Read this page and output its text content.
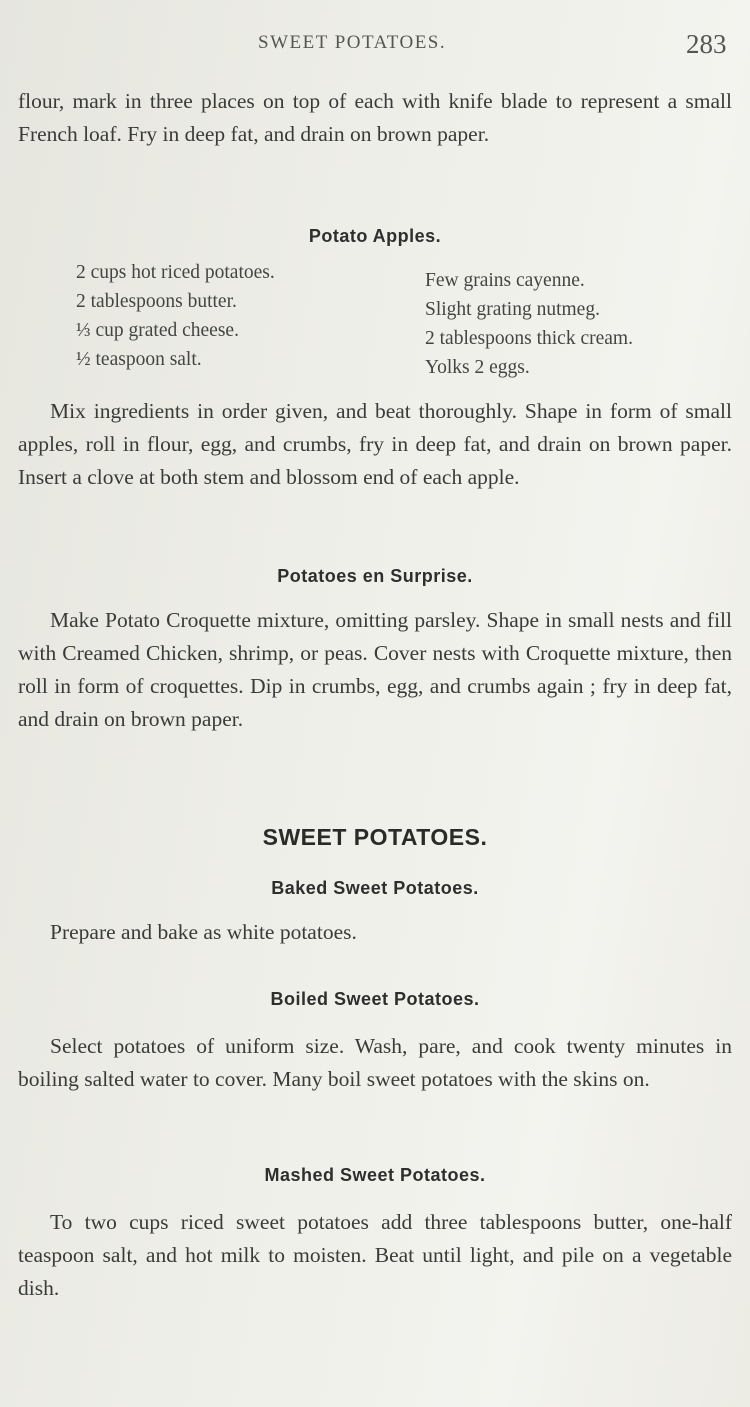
SWEET POTATOES.	283

flour, mark in three places on top of each with knife blade to represent a small French loaf. Fry in deep fat, and drain on brown paper.

Potato Apples.
2 cups hot riced potatoes.
2 tablespoons butter.
⅓ cup grated cheese.
½ teaspoon salt.
Few grains cayenne.
Slight grating nutmeg.
2 tablespoons thick cream.
Yolks 2 eggs.

Mix ingredients in order given, and beat thoroughly. Shape in form of small apples, roll in flour, egg, and crumbs, fry in deep fat, and drain on brown paper. Insert a clove at both stem and blossom end of each apple.

Potatoes en Surprise.

Make Potato Croquette mixture, omitting parsley. Shape in small nests and fill with Creamed Chicken, shrimp, or peas. Cover nests with Croquette mixture, then roll in form of croquettes. Dip in crumbs, egg, and crumbs again ; fry in deep fat, and drain on brown paper.

SWEET POTATOES.
Baked Sweet Potatoes.

Prepare and bake as white potatoes.

Boiled Sweet Potatoes.

Select potatoes of uniform size. Wash, pare, and cook twenty minutes in boiling salted water to cover. Many boil sweet potatoes with the skins on.

Mashed Sweet Potatoes.

To two cups riced sweet potatoes add three tablespoons butter, one-half teaspoon salt, and hot milk to moisten. Beat until light, and pile on a vegetable dish.
